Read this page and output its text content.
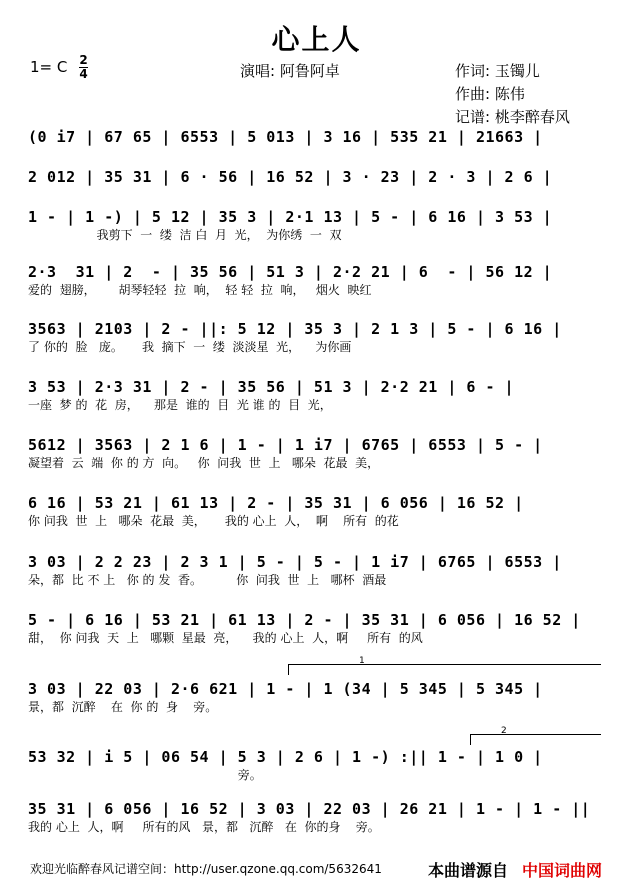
心上人
1= C 2
4	演唱: 阿鲁阿卓	作词: 玉镯儿
作曲: 陈伟
记谱: 桃李醉春风
(0 i7 | 67 65 | 6553 | 5 013 | 3 16 | 535 21 | 21663 |
2 012 | 35 31 | 6 · 56 | 16 52 | 3 · 23 | 2 · 3 | 2 6 |
1 - | 1 -) | 5 12 | 35 3 | 2·1 13 | 5 - | 6 16 | 3 53 |
我剪下  一  缕  洁 白  月  光，  为你绣  一  双
2·3  31 | 2  - | 35 56 | 51 3 | 2·2 21 | 6  - | 56 12 |
爱的  翅膀，      胡琴轻轻  拉  响，  轻 轻  拉  响，   烟火  映红
3563 | 2103 | 2 - ||: 5 12 | 35 3 | 2 1 3 | 5 - | 6 16 |
了 你的  脸   庞。     我  摘下  一  缕  淡淡星  光，    为你画
3 53 | 2·3 31 | 2 - | 35 56 | 51 3 | 2·2 21 | 6 - |
一座  梦 的  花  房，    那是  谁的  目  光 谁 的  目  光，
5612 | 3563 | 2 1 6 | 1 - | 1 i7 | 6765 | 6553 | 5 - |
凝望着  云  端  你 的 方  向。   你  问我  世  上   哪朵  花最  美，
6 16 | 53 21 | 61 13 | 2 - | 35 31 | 6 056 | 16 52 |
你 问我  世  上   哪朵  花最  美，     我的 心上  人，  啊    所有  的花
3 03 | 2 2 23 | 2 3 1 | 5 - | 5 - | 1 i7 | 6765 | 6553 |
朵，都  比 不 上   你 的 发  香。         你  问我  世  上   哪杯  酒最
5 - | 6 16 | 53 21 | 61 13 | 2 - | 35 31 | 6 056 | 16 52 |
甜，  你 问我  天  上   哪颗  星最  亮，    我的 心上  人，啊     所有  的风
1
3 03 | 22 03 | 2·6 621 | 1 - | 1 (34 | 5 345 | 5 345 |
景，都  沉醉    在  你 的  身    旁。
2
53 32 | i 5 | 06 54 | 5 3 | 2 6 | 1 -) :|| 1 - | 1 0 |
旁。
35 31 | 6 056 | 16 52 | 3 03 | 22 03 | 26 21 | 1 - | 1 - ||
我的 心上  人，啊     所有的风   景，都   沉醉   在  你的身    旁。
欢迎光临醉春风记谱空间：http://user.qzone.qq.com/5632641	本曲谱源自 中国词曲网
